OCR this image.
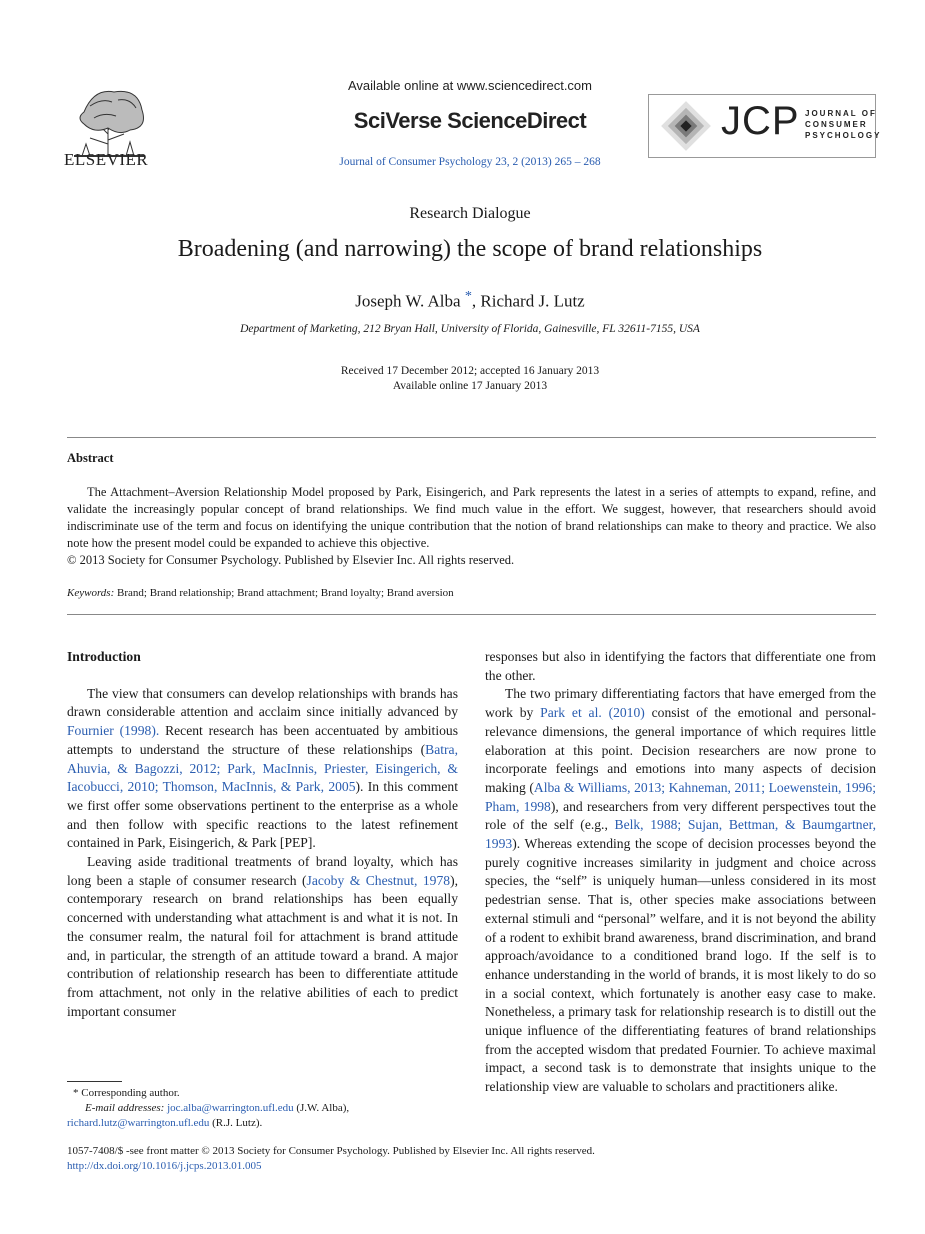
ELSEVIER
Available online at www.sciencedirect.com
SciVerse ScienceDirect
Journal of Consumer Psychology 23, 2 (2013) 265 – 268
JCP JOURNAL OF
CONSUMER
PSYCHOLOGY
Research Dialogue
Broadening (and narrowing) the scope of brand relationships
Joseph W. Alba *, Richard J. Lutz
Department of Marketing, 212 Bryan Hall, University of Florida, Gainesville, FL 32611-7155, USA
Received 17 December 2012; accepted 16 January 2013
Available online 17 January 2013
Abstract
The Attachment–Aversion Relationship Model proposed by Park, Eisingerich, and Park represents the latest in a series of attempts to expand, refine, and validate the increasingly popular concept of brand relationships. We find much value in the effort. We suggest, however, that researchers should avoid indiscriminate use of the term and focus on identifying the unique contribution that the notion of brand relationships can make to theory and practice. We also note how the present model could be expanded to achieve this objective.
© 2013 Society for Consumer Psychology. Published by Elsevier Inc. All rights reserved.
Keywords: Brand; Brand relationship; Brand attachment; Brand loyalty; Brand aversion

Introduction

The view that consumers can develop relationships with brands has drawn considerable attention and acclaim since initially advanced by Fournier (1998). Recent research has been accentuated by ambitious attempts to understand the structure of these relationships (Batra, Ahuvia, & Bagozzi, 2012; Park, MacInnis, Priester, Eisingerich, & Iacobucci, 2010; Thomson, MacInnis, & Park, 2005). In this comment we first offer some observations pertinent to the enterprise as a whole and then follow with specific reactions to the latest refinement contained in Park, Eisingerich, & Park [PEP].

Leaving aside traditional treatments of brand loyalty, which has long been a staple of consumer research (Jacoby & Chestnut, 1978), contemporary research on brand relationships has been equally concerned with understanding what attachment is and what it is not. In the consumer realm, the natural foil for attachment is brand attitude and, in particular, the strength of an attitude toward a brand. A major contribution of relationship research has been to differentiate attitude from attachment, not only in the relative abilities of each to predict important consumer

responses but also in identifying the factors that differentiate one from the other.

The two primary differentiating factors that have emerged from the work by Park et al. (2010) consist of the emotional and personal-relevance dimensions, the general importance of which requires little elaboration at this point. Decision researchers are now prone to incorporate feelings and emotions into many aspects of decision making (Alba & Williams, 2013; Kahneman, 2011; Loewenstein, 1996; Pham, 1998), and researchers from very different perspectives tout the role of the self (e.g., Belk, 1988; Sujan, Bettman, & Baumgartner, 1993). Whereas extending the scope of decision processes beyond the purely cognitive increases similarity in judgment and choice across species, the “self” is uniquely human—unless considered in its most pedestrian sense. That is, other species make associations between external stimuli and “personal” welfare, and it is not beyond the ability of a rodent to exhibit brand awareness, brand discrimination, and brand approach/avoidance to a conditioned brand logo. If the self is to enhance understanding in the world of brands, it is most likely to do so in a social context, which fortunately is another easy case to make. Nonetheless, a primary task for relationship research is to distill out the unique influence of the differentiating features of brand relationships from the accepted wisdom that predated Fournier. To achieve maximal impact, a second task is to demonstrate that insights unique to the relationship view are valuable to scholars and practitioners alike.

* Corresponding author.
E-mail addresses: joc.alba@warrington.ufl.edu (J.W. Alba),
richard.lutz@warrington.ufl.edu (R.J. Lutz).
1057-7408/$ -see front matter © 2013 Society for Consumer Psychology. Published by Elsevier Inc. All rights reserved.
http://dx.doi.org/10.1016/j.jcps.2013.01.005
